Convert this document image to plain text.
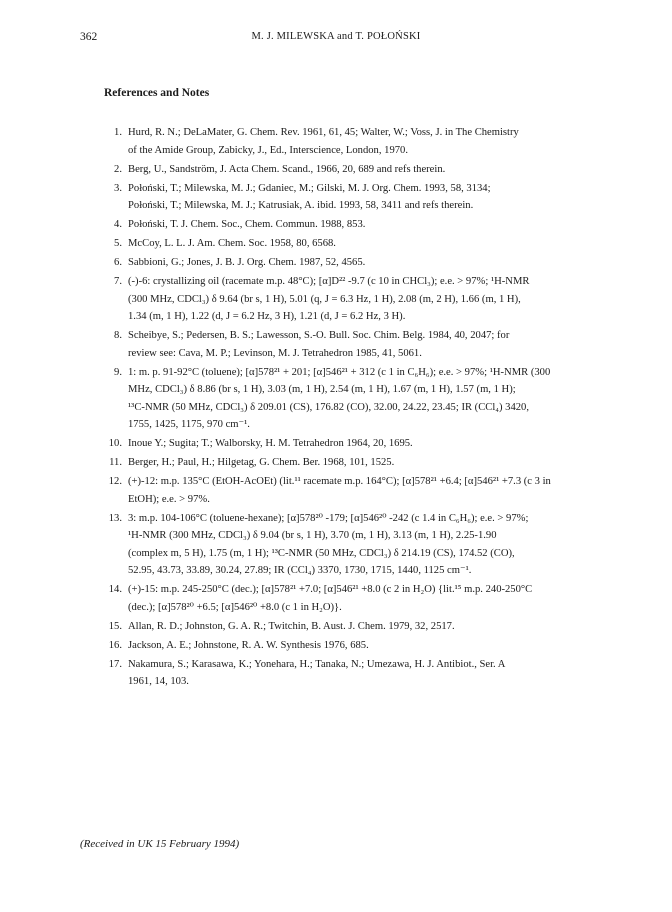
362	M. J. MILEWSKA and T. POŁOŃSKI
References and Notes
1. Hurd, R. N.; DeLaMater, G. Chem. Rev. 1961, 61, 45; Walter, W.; Voss, J. in The Chemistry
of the Amide Group, Zabicky, J., Ed., Interscience, London, 1970.
2. Berg, U., Sandström, J. Acta Chem. Scand., 1966, 20, 689 and refs therein.
3. Połoński, T.; Milewska, M. J.; Gdaniec, M.; Gilski, M. J. Org. Chem. 1993, 58, 3134;
Połoński, T.; Milewska, M. J.; Katrusiak, A. ibid. 1993, 58, 3411 and refs therein.
4. Połoński, T. J. Chem. Soc., Chem. Commun. 1988, 853.
5. McCoy, L. L. J. Am. Chem. Soc. 1958, 80, 6568.
6. Sabbioni, G.; Jones, J. B. J. Org. Chem. 1987, 52, 4565.
7. (-)-6: crystallizing oil (racemate m.p. 48°C); [α]D²² -9.7 (c 10 in CHCl₃); e.e. > 97%; ¹H-NMR
(300 MHz, CDCl₃) δ 9.64 (br s, 1 H), 5.01 (q, J = 6.3 Hz, 1 H), 2.08 (m, 2 H), 1.66 (m, 1 H),
1.34 (m, 1 H), 1.22 (d, J = 6.2 Hz, 3 H), 1.21 (d, J = 6.2 Hz, 3 H).
8. Scheibye, S.; Pedersen, B. S.; Lawesson, S.-O. Bull. Soc. Chim. Belg. 1984, 40, 2047; for
review see: Cava, M. P.; Levinson, M. J. Tetrahedron 1985, 41, 5061.
9. 1: m. p. 91-92°C (toluene); [α]578²¹ + 201; [α]546²¹ + 312 (c 1 in C₆H₆); e.e. > 97%; ¹H-NMR (300
MHz, CDCl₃) δ 8.86 (br s, 1 H), 3.03 (m, 1 H), 2.54 (m, 1 H), 1.67 (m, 1 H), 1.57 (m, 1 H);
¹³C-NMR (50 MHz, CDCl₃) δ 209.01 (CS), 176.82 (CO), 32.00, 24.22, 23.45; IR (CCl₄) 3420,
1755, 1425, 1175, 970 cm⁻¹.
10. Inoue Y.; Sugita; T.; Walborsky, H. M. Tetrahedron 1964, 20, 1695.
11. Berger, H.; Paul, H.; Hilgetag, G. Chem. Ber. 1968, 101, 1525.
12. (+)-12: m.p. 135°C (EtOH-AcOEt) (lit.¹¹ racemate m.p. 164°C); [α]578²¹ +6.4; [α]546²¹ +7.3 (c 3 in
EtOH); e.e. > 97%.
13. 3: m.p. 104-106°C (toluene-hexane); [α]578²⁰ -179; [α]546²⁰ -242 (c 1.4 in C₆H₆); e.e. > 97%;
¹H-NMR (300 MHz, CDCl₃) δ 9.04 (br s, 1 H), 3.70 (m, 1 H), 3.13 (m, 1 H), 2.25-1.90
(complex m, 5 H), 1.75 (m, 1 H); ¹³C-NMR (50 MHz, CDCl₃) δ 214.19 (CS), 174.52 (CO),
52.95, 43.73, 33.89, 30.24, 27.89; IR (CCl₄) 3370, 1730, 1715, 1440, 1125 cm⁻¹.
14. (+)-15: m.p. 245-250°C (dec.); [α]578²¹ +7.0; [α]546²¹ +8.0 (c 2 in H₂O) {lit.¹⁵ m.p. 240-250°C
(dec.); [α]578²⁰ +6.5; [α]546²⁰ +8.0 (c 1 in H₂O)}.
15. Allan, R. D.; Johnston, G. A. R.; Twitchin, B. Aust. J. Chem. 1979, 32, 2517.
16. Jackson, A. E.; Johnstone, R. A. W. Synthesis 1976, 685.
17. Nakamura, S.; Karasawa, K.; Yonehara, H.; Tanaka, N.; Umezawa, H. J. Antibiot., Ser. A
1961, 14, 103.
(Received in UK 15 February 1994)
